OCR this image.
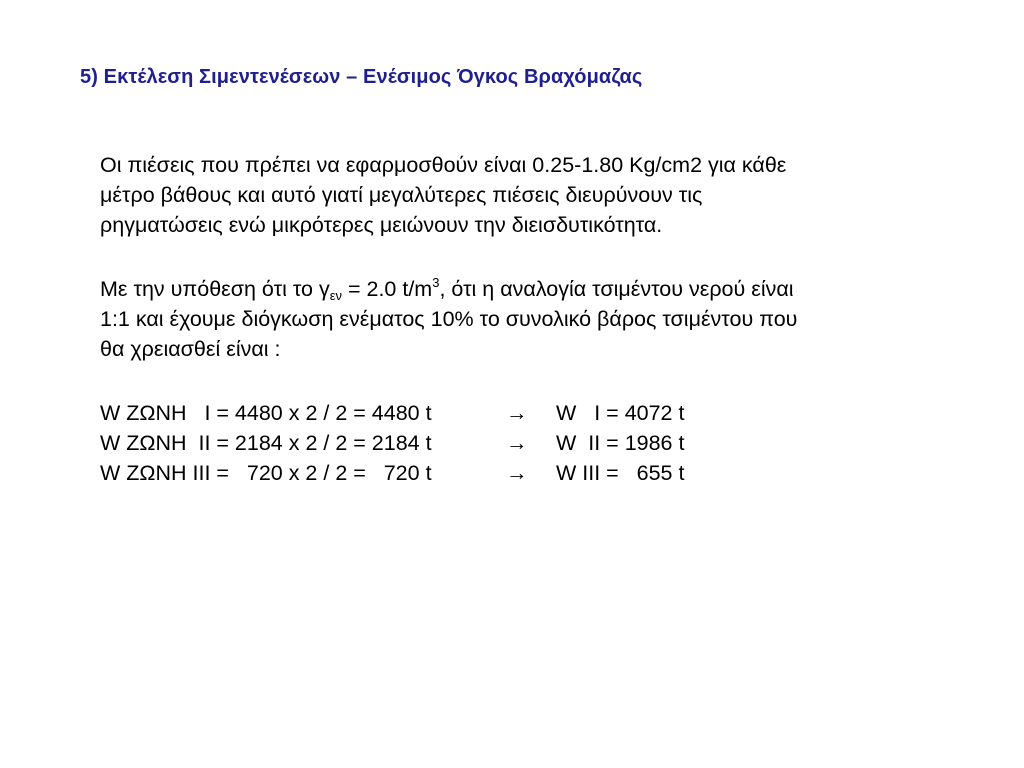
5) Εκτέλεση Σιμεντενέσεων – Ενέσιμος Όγκος Βραχόμαζας
Οι πιέσεις που πρέπει να εφαρμοσθούν είναι 0.25-1.80 Kg/cm2 για κάθε
μέτρο βάθους και αυτό γιατί μεγαλύτερες πιέσεις διευρύνουν τις
ρηγματώσεις ενώ μικρότερες μειώνουν την διεισδυτικότητα.
Με την υπόθεση ότι το $\gamma_{\varepsilon\nu} = 2.0$ $t/m^3$, ότι η αναλογία τσιμέντου νερού είναι
1:1 και έχουμε διόγκωση ενέματος 10% το συνολικό βάρος τσιμέντου που
θα χρειασθεί είναι :
W ΖΩΝΗ   I = 4480 x 2 / 2 = 4480 t	→ W   I = 4072 t
W ΖΩΝΗ  II = 2184 x 2 / 2 = 2184 t	→ W  II = 1986 t
W ΖΩΝΗ III =   720 x 2 / 2 =   720 t	→ W III =   655 t
